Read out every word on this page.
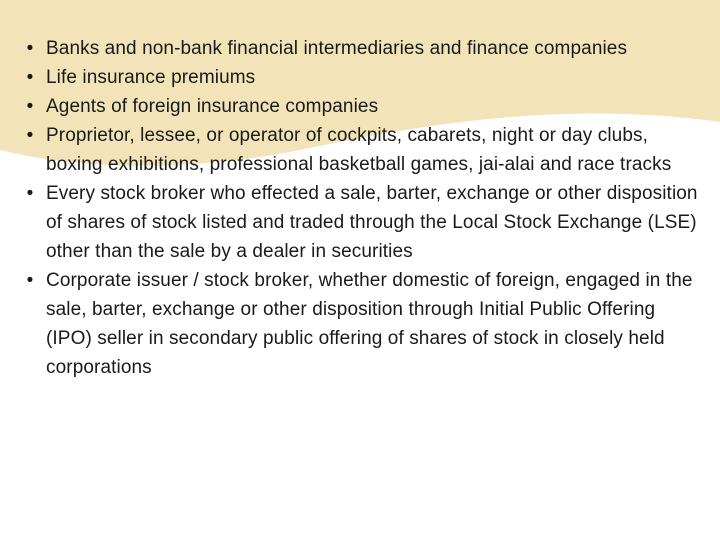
• Banks and non-bank financial intermediaries and finance companies
• Life insurance premiums
• Agents of foreign insurance companies
• Proprietor, lessee, or operator of cockpits, cabarets, night or day clubs, boxing exhibitions, professional basketball games, jai-alai and race tracks
• Every stock broker who effected a sale, barter, exchange or other disposition of shares of stock listed and traded through the Local Stock Exchange (LSE) other than the sale by a dealer in securities
• Corporate issuer / stock broker, whether domestic of foreign, engaged in the sale, barter, exchange or other disposition through Initial Public Offering (IPO) seller in secondary public offering of shares of stock in closely held corporations
